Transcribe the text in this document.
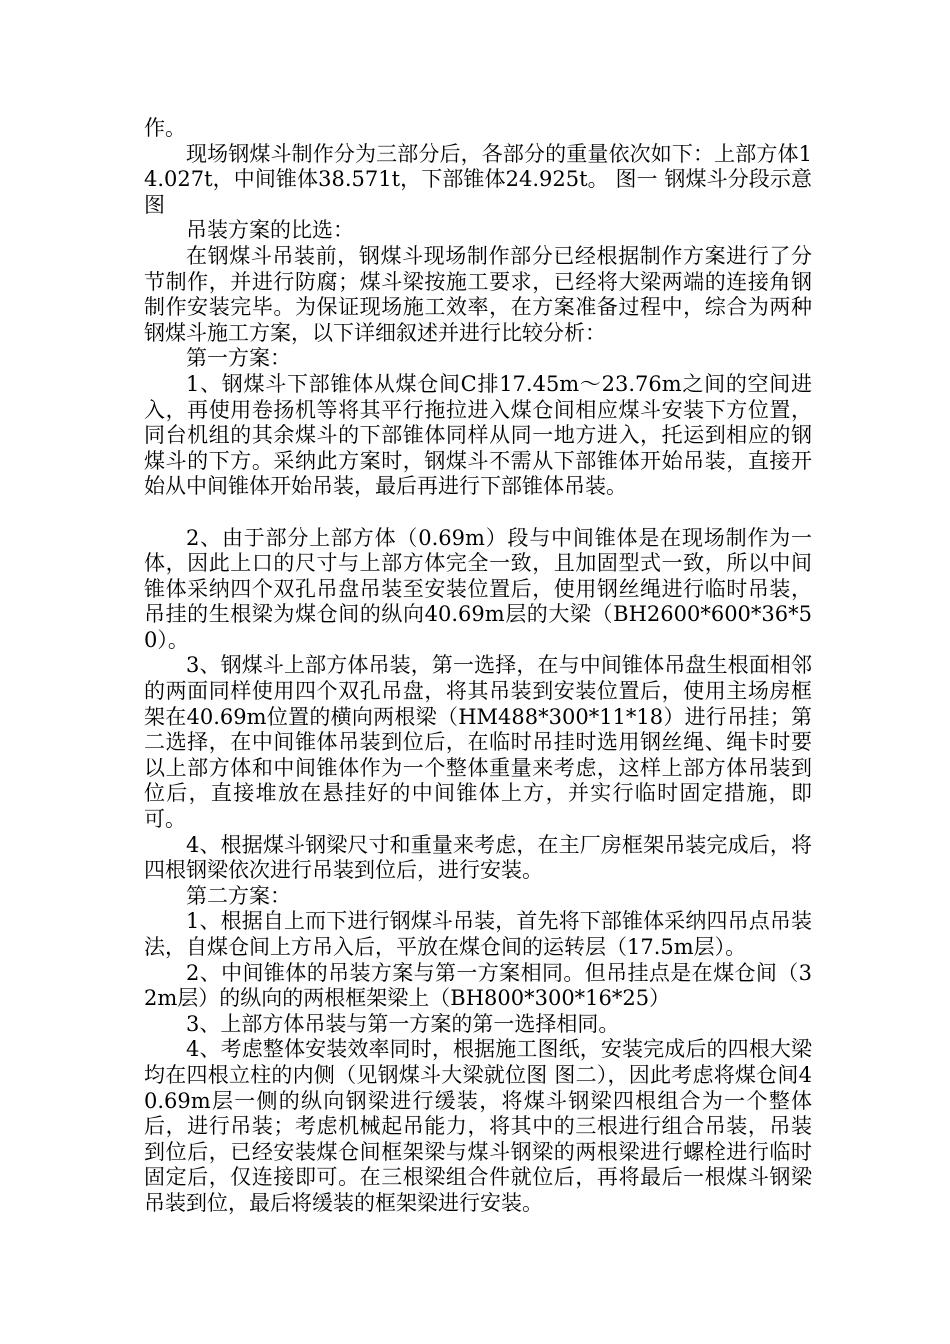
作。

现场钢煤斗制作分为三部分后，各部分的重量依次如下：上部方体14.027t，中间锥体38.571t，下部锥体24.925t。 图一 钢煤斗分段示意图

吊装方案的比选：

在钢煤斗吊装前，钢煤斗现场制作部分已经根据制作方案进行了分节制作，并进行防腐；煤斗梁按施工要求，已经将大梁两端的连接角钢制作安装完毕。为保证现场施工效率，在方案准备过程中，综合为两种钢煤斗施工方案，以下详细叙述并进行比较分析：

第一方案：

1、钢煤斗下部锥体从煤仓间C排17.45m～23.76m之间的空间进入，再使用卷扬机等将其平行拖拉进入煤仓间相应煤斗安装下方位置，同台机组的其余煤斗的下部锥体同样从同一地方进入，托运到相应的钢煤斗的下方。采纳此方案时，钢煤斗不需从下部锥体开始吊装，直接开始从中间锥体开始吊装，最后再进行下部锥体吊装。

2、由于部分上部方体（0.69m）段与中间锥体是在现场制作为一体，因此上口的尺寸与上部方体完全一致，且加固型式一致，所以中间锥体采纳四个双孔吊盘吊装至安装位置后，使用钢丝绳进行临时吊装，吊挂的生根梁为煤仓间的纵向40.69m层的大梁（BH2600*600*36*50）。

3、钢煤斗上部方体吊装，第一选择，在与中间锥体吊盘生根面相邻的两面同样使用四个双孔吊盘，将其吊装到安装位置后，使用主场房框架在40.69m位置的横向两根梁（HM488*300*11*18）进行吊挂；第二选择，在中间锥体吊装到位后，在临时吊挂时选用钢丝绳、绳卡时要以上部方体和中间锥体作为一个整体重量来考虑，这样上部方体吊装到位后，直接堆放在悬挂好的中间锥体上方，并实行临时固定措施，即可。

4、根据煤斗钢梁尺寸和重量来考虑，在主厂房框架吊装完成后，将四根钢梁依次进行吊装到位后，进行安装。

第二方案：

1、根据自上而下进行钢煤斗吊装，首先将下部锥体采纳四吊点吊装法，自煤仓间上方吊入后，平放在煤仓间的运转层（17.5m层）。

2、中间锥体的吊装方案与第一方案相同。但吊挂点是在煤仓间（32m层）的纵向的两根框架梁上（BH800*300*16*25）

3、上部方体吊装与第一方案的第一选择相同。

4、考虑整体安装效率同时，根据施工图纸，安装完成后的四根大梁均在四根立柱的内侧（见钢煤斗大梁就位图 图二），因此考虑将煤仓间40.69m层一侧的纵向钢梁进行缓装，将煤斗钢梁四根组合为一个整体后，进行吊装；考虑机械起吊能力，将其中的三根进行组合吊装，吊装到位后，已经安装煤仓间框架梁与煤斗钢梁的两根梁进行螺栓进行临时固定后，仅连接即可。在三根梁组合件就位后，再将最后一根煤斗钢梁吊装到位，最后将缓装的框架梁进行安装。
